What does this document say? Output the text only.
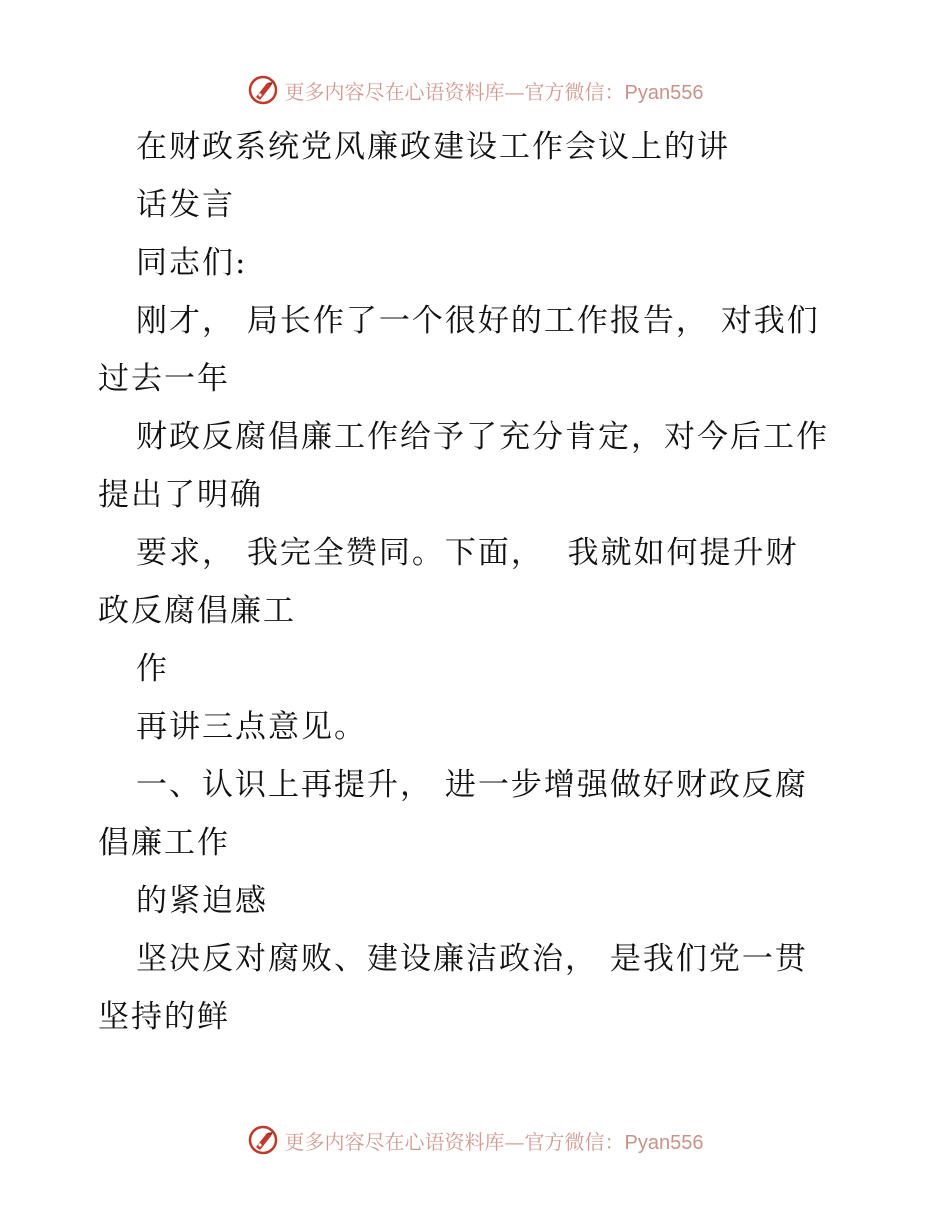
更多内容尽在心语资料库—官方微信：Pyan556
在财政系统党风廉政建设工作会议上的讲
话发言
同志们:
刚才， 局长作了一个很好的工作报告， 对我们
过去一年
财政反腐倡廉工作给予了充分肯定，对今后工作
提出了明确
要求， 我完全赞同。下面，  我就如何提升财
政反腐倡廉工
作
再讲三点意见。
一、认识上再提升， 进一步增强做好财政反腐
倡廉工作
的紧迫感
坚决反对腐败、建设廉洁政治， 是我们党一贯
坚持的鲜
更多内容尽在心语资料库—官方微信：Pyan556
